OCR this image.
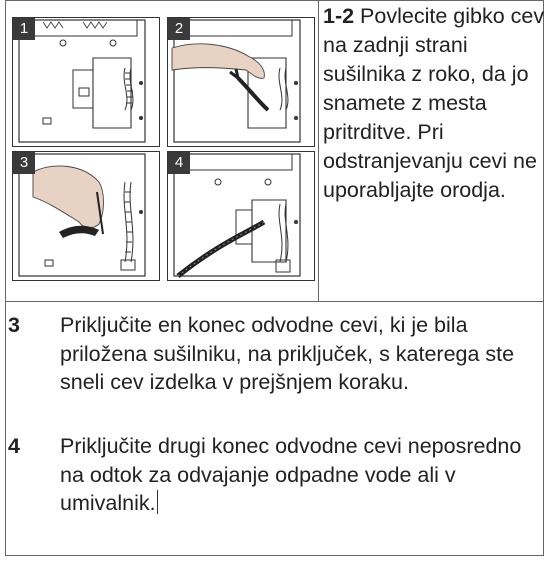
1	2
3	4
1-2 Povlecite gibko cev na zadnji strani sušilnika z roko, da jo snamete z mesta pritrditve. Pri odstranjevanju cevi ne uporabljajte orodja.
3 Priključite en konec odvodne cevi, ki je bila priložena sušilniku, na priključek, s katerega ste sneli cev izdelka v prejšnjem koraku.
4 Priključite drugi konec odvodne cevi neposredno na odtok za odvajanje odpadne vode ali v umivalnik.
